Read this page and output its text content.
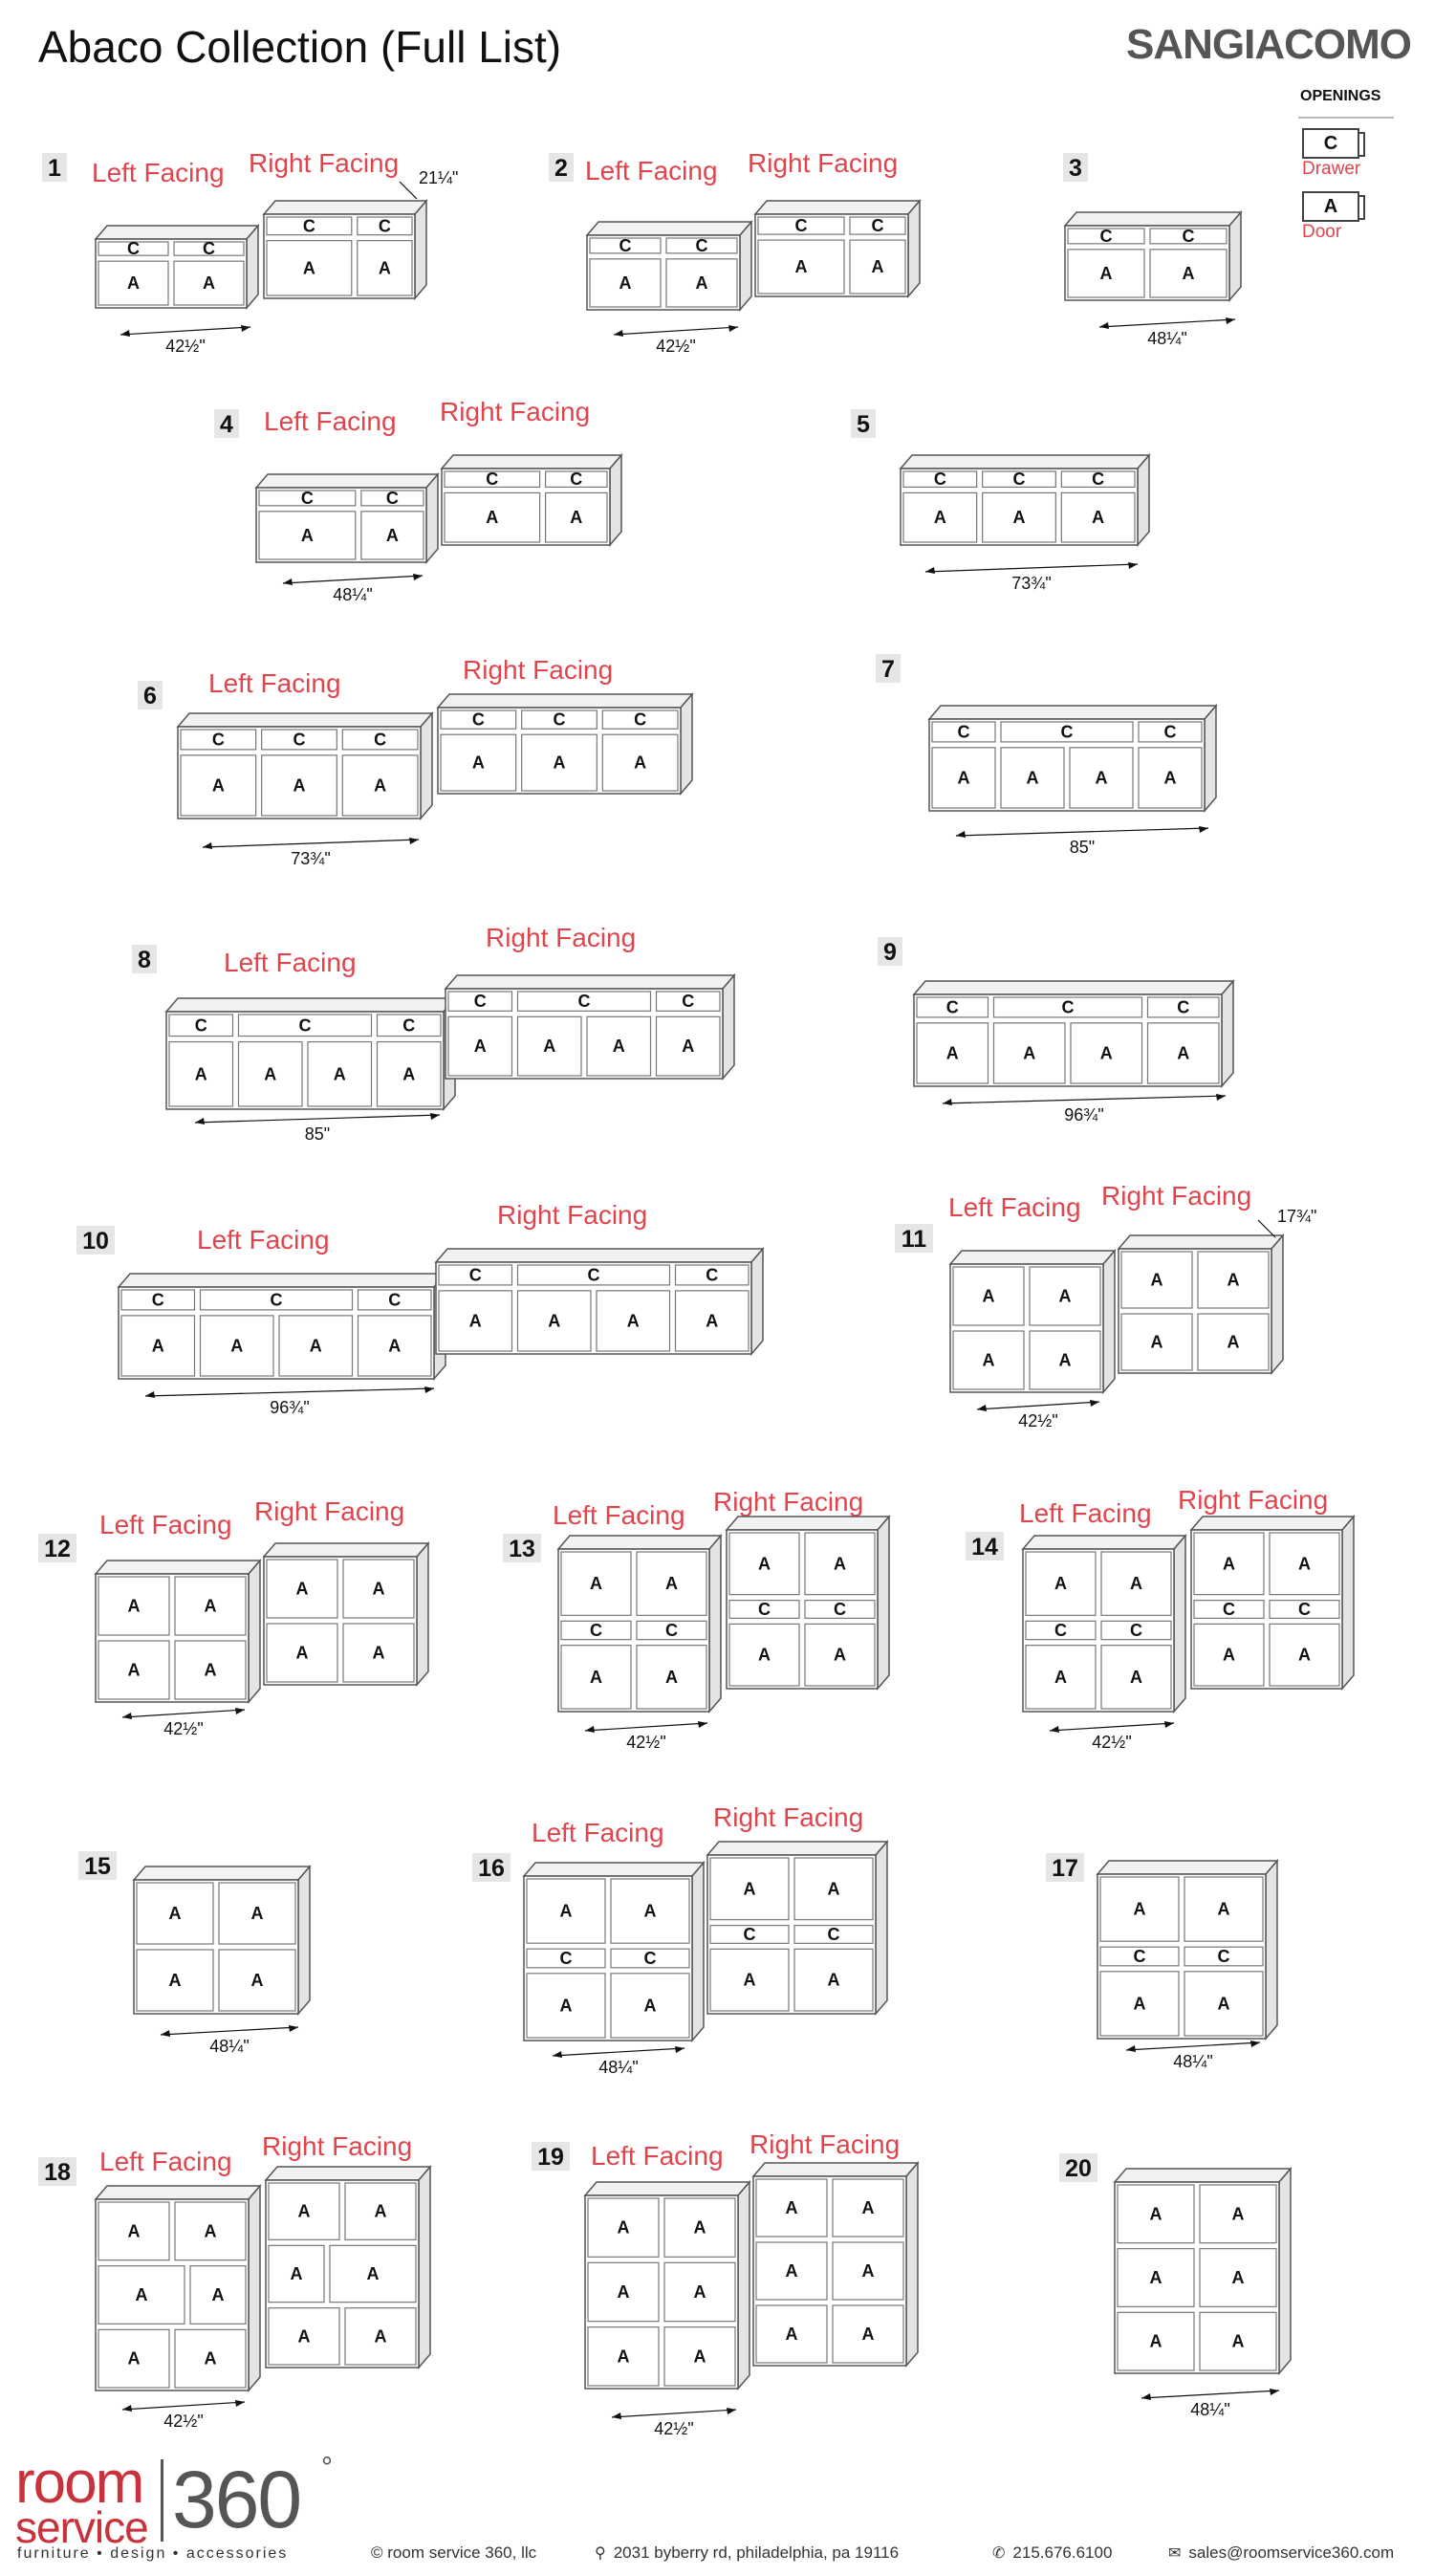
Abaco Collection (Full List)	SANGIACOMO
OPENINGS
C
Drawer
A
Door
1 Left Facing Right Facing
C	C
A	A
C	C
A	A
21¼"
42½"
2 Left Facing Right Facing
C	C
A	A
C	C
A	A
42½"
3
C	C
A	A
48¼"
4 Left Facing Right Facing
C	C
A	A
C	C
A	A
48¼"
5
C	C	C
A	A	A
73¾"
6 Left Facing	Right Facing
C	C	C
A	A	A
C	C	C
A	A	A
73¾"
7
C	C	C
A	A	A	A
85"
8	Left Facing
Right Facing
C	C	C
A	A	A	A
C	C	C
A	A	A	A
85"
9
C	C	C
A	A	A	A
96¾"
10	Left Facing
Right Facing
C	C	C
A	A	A	A
C	C	C
A	A	A	A
96¾"
11
Left Facing Right Facing
A	A
A	A
A	A
A	A
17¾"
42½"
12
Left Facing Right Facing
A	A
A	A
A	A
A	A
42½"
13
Left Facing Right Facing
A	A
C	C
A	A
A	A
C	C
A	A
42½"
14
Left Facing Right Facing
A	A
C	C
A	A
A	A
C	C
A	A
42½"
15
A	A
A	A
48¼"
16
Left Facing
Right Facing
A	A
C	C
A	A
A	A
C	C
A	A
48¼"
17
A	A
C	C
A	A
48¼"
18 Left Facing
Right Facing
A	A
A	A
A	A
A	A
A	A
A	A
42½"
19 Left Facing Right Facing
A	A
A	A
A	A
A	A
A	A
A	A
42½"
20
A	A
A	A
A	A
48¼"
room
service 360 °
furniture • design • accessories	© room service 360, llc	⚲ 2031 byberry rd, philadelphia, pa 19116	✆ 215.676.6100	✉ sales@roomservice360.com
